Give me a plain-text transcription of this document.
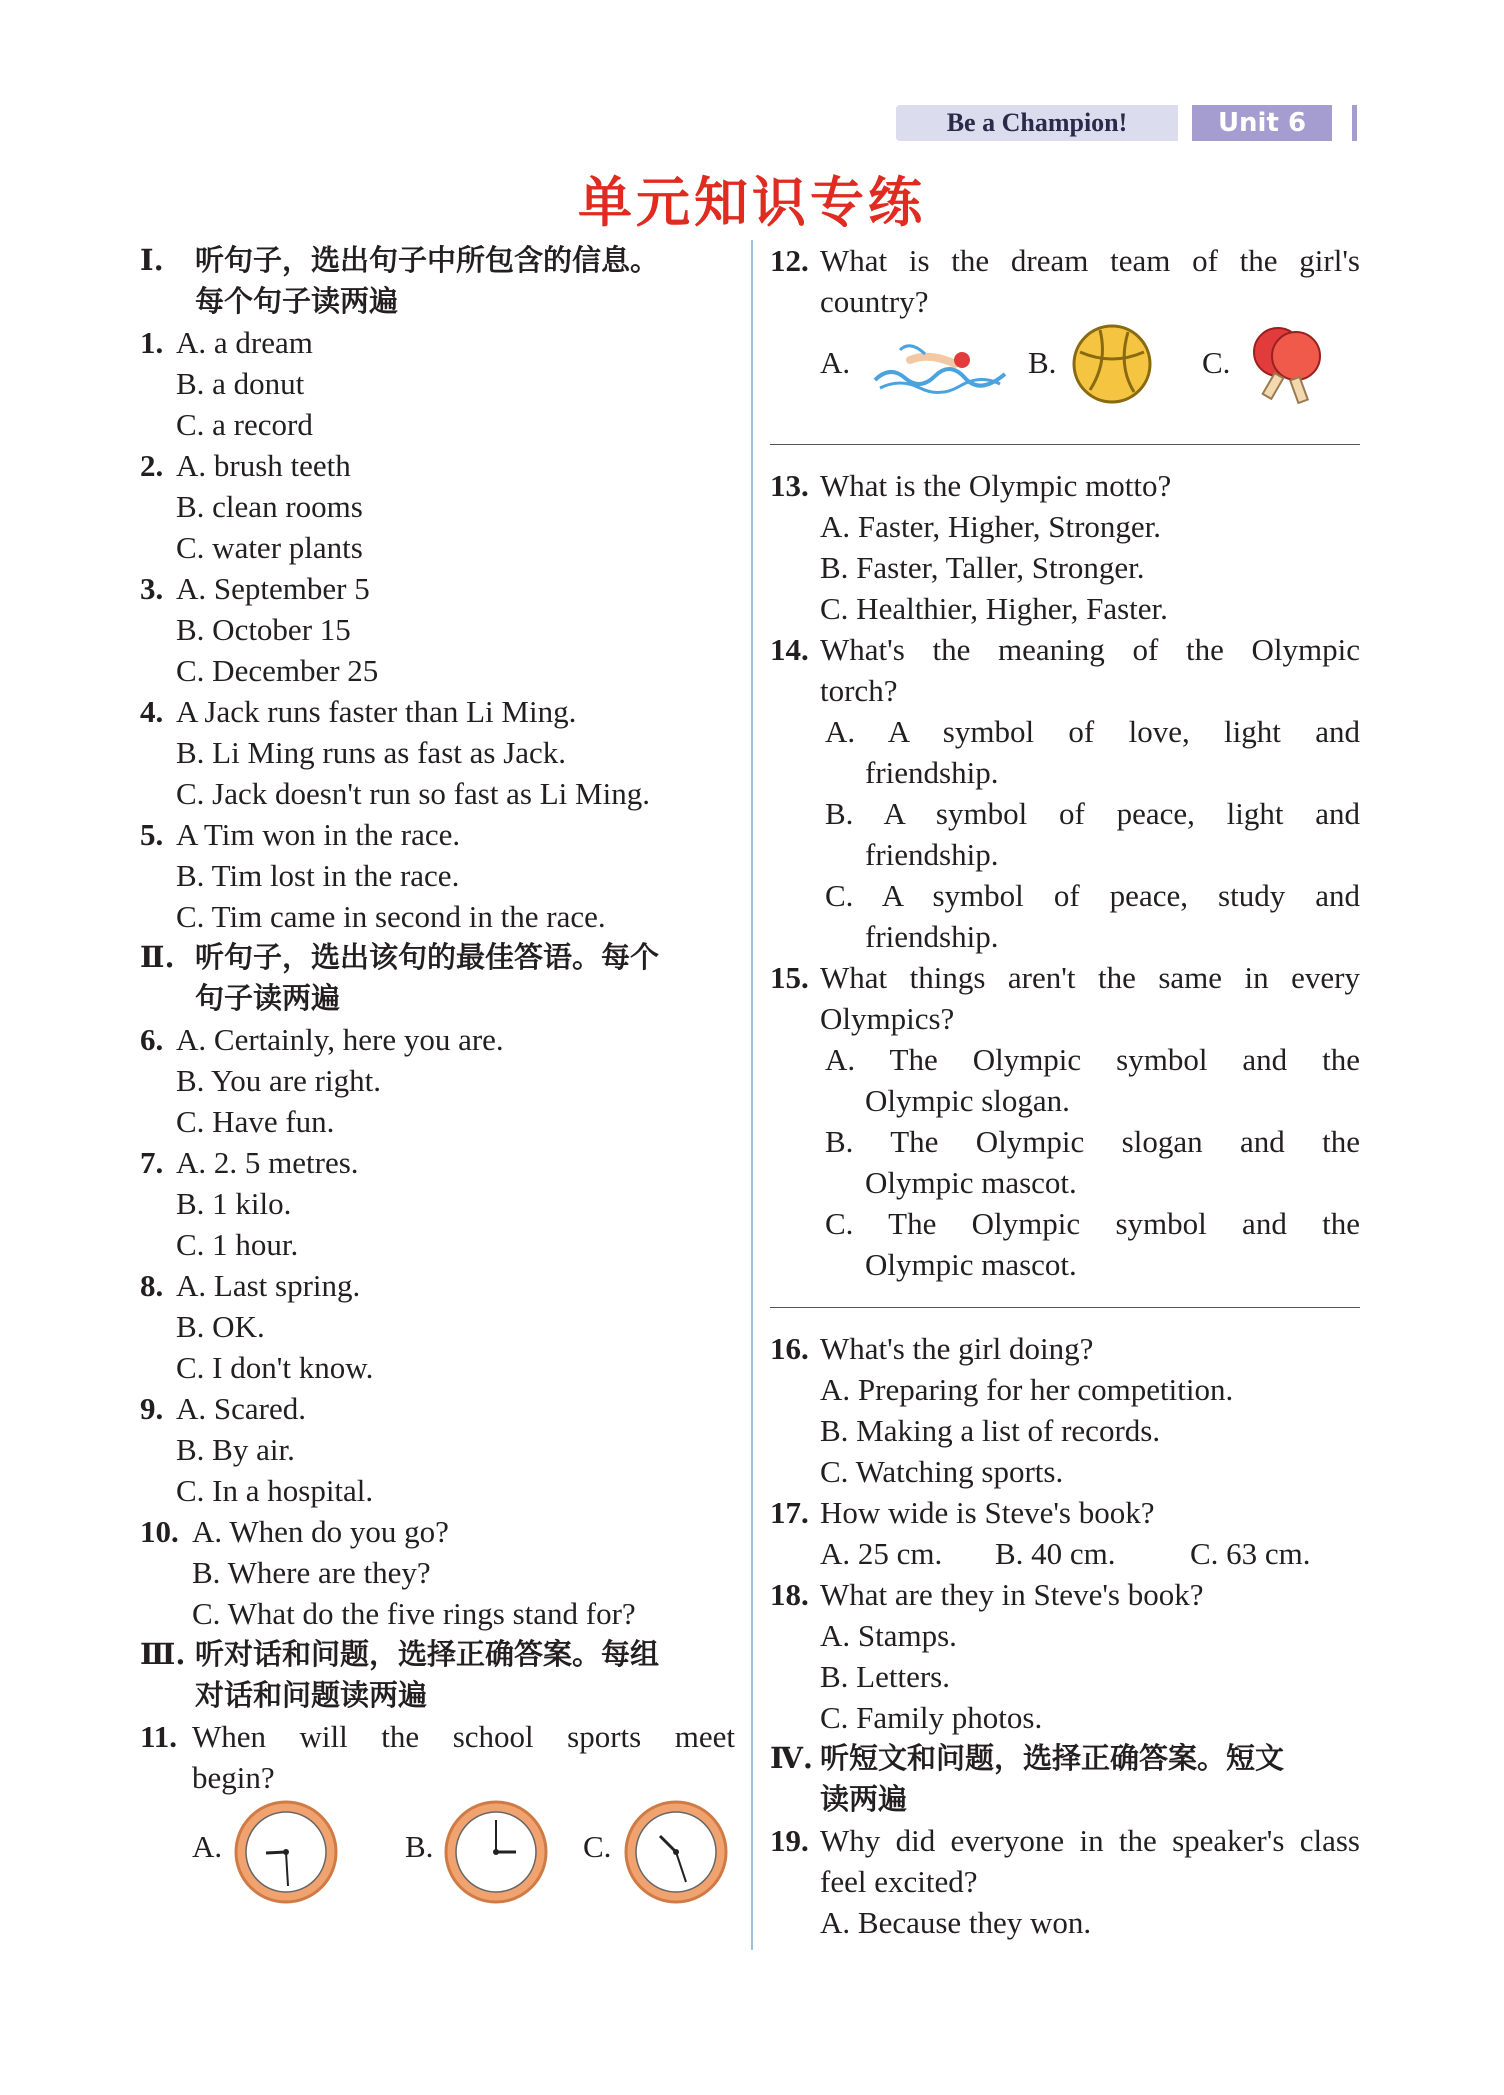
Be a Champion!	Unit 6
单元知识专练
Ⅰ.	听句子，选出句子中所包含的信息。
每个句子读两遍
1. A. a dream
B. a donut
C. a record
2. A. brush teeth
B. clean rooms
C. water plants
3. A. September 5
B. October 15
C. December 25
4. A Jack runs faster than Li Ming.
B. Li Ming runs as fast as Jack.
C. Jack doesn't run so fast as Li Ming.
5. A Tim won in the race.
B. Tim lost in the race.
C. Tim came in second in the race.
Ⅱ. 听句子，选出该句的最佳答语。每个
句子读两遍
6. A. Certainly, here you are.
B. You are right.
C. Have fun.
7. A. 2. 5 metres.
B. 1 kilo.
C. 1 hour.
8. A. Last spring.
B. OK.
C. I don't know.
9. A. Scared.
B. By air.
C. In a hospital.
10. A. When do you go?
B. Where are they?
C. What do the five rings stand for?
Ⅲ. 听对话和问题，选择正确答案。每组
对话和问题读两遍
11. When will the school sports meet
begin?
A.	B.	C.
12. What is the dream team of the girl's
country?
A.	B.	C.
13. What is the Olympic motto?
A. Faster, Higher, Stronger.
B. Faster, Taller, Stronger.
C. Healthier, Higher, Faster.
14. What's the meaning of the Olympic
torch?
A. A symbol of love, light and
friendship.
B. A symbol of peace, light and
friendship.
C. A symbol of peace, study and
friendship.
15. What things aren't the same in every
Olympics?
A. The Olympic symbol and the
Olympic slogan.
B. The Olympic slogan and the
Olympic mascot.
C. The Olympic symbol and the
Olympic mascot.
16. What's the girl doing?
A. Preparing for her competition.
B. Making a list of records.
C. Watching sports.
17. How wide is Steve's book?
A. 25 cm. B. 40 cm. C. 63 cm.
18. What are they in Steve's book?
A. Stamps.
B. Letters.
C. Family photos.
Ⅳ. 听短文和问题，选择正确答案。短文
读两遍
19. Why did everyone in the speaker's class
feel excited?
A. Because they won.
